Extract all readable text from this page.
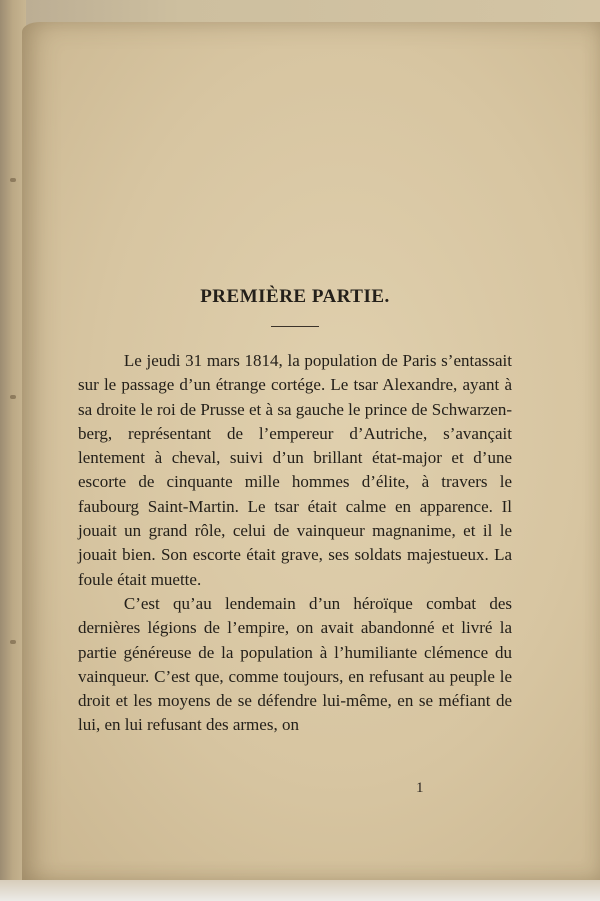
PREMIÈRE PARTIE.

Le jeudi 31 mars 1814, la population de Paris s’entassait sur le passage d’un étrange cortége. Le tsar Alexandre, ayant à sa droite le roi de Prusse et à sa gauche le prince de Schwarzenberg, représentant de l’empereur d’Autriche, s’avançait lentement à cheval, suivi d’un brillant état-major et d’une escorte de cinquante mille hommes d’élite, à travers le faubourg Saint-Martin. Le tsar était calme en apparence. Il jouait un grand rôle, celui de vainqueur magnanime, et il le jouait bien. Son escorte était grave, ses soldats majestueux. La foule était muette.

C’est qu’au lendemain d’un héroïque combat des dernières légions de l’empire, on avait abandonné et livré la partie généreuse de la population à l’humiliante clémence du vainqueur. C’est que, comme toujours, en refusant au peuple le droit et les moyens de se défendre lui-même, en se méfiant de lui, en lui refusant des armes, on

1
